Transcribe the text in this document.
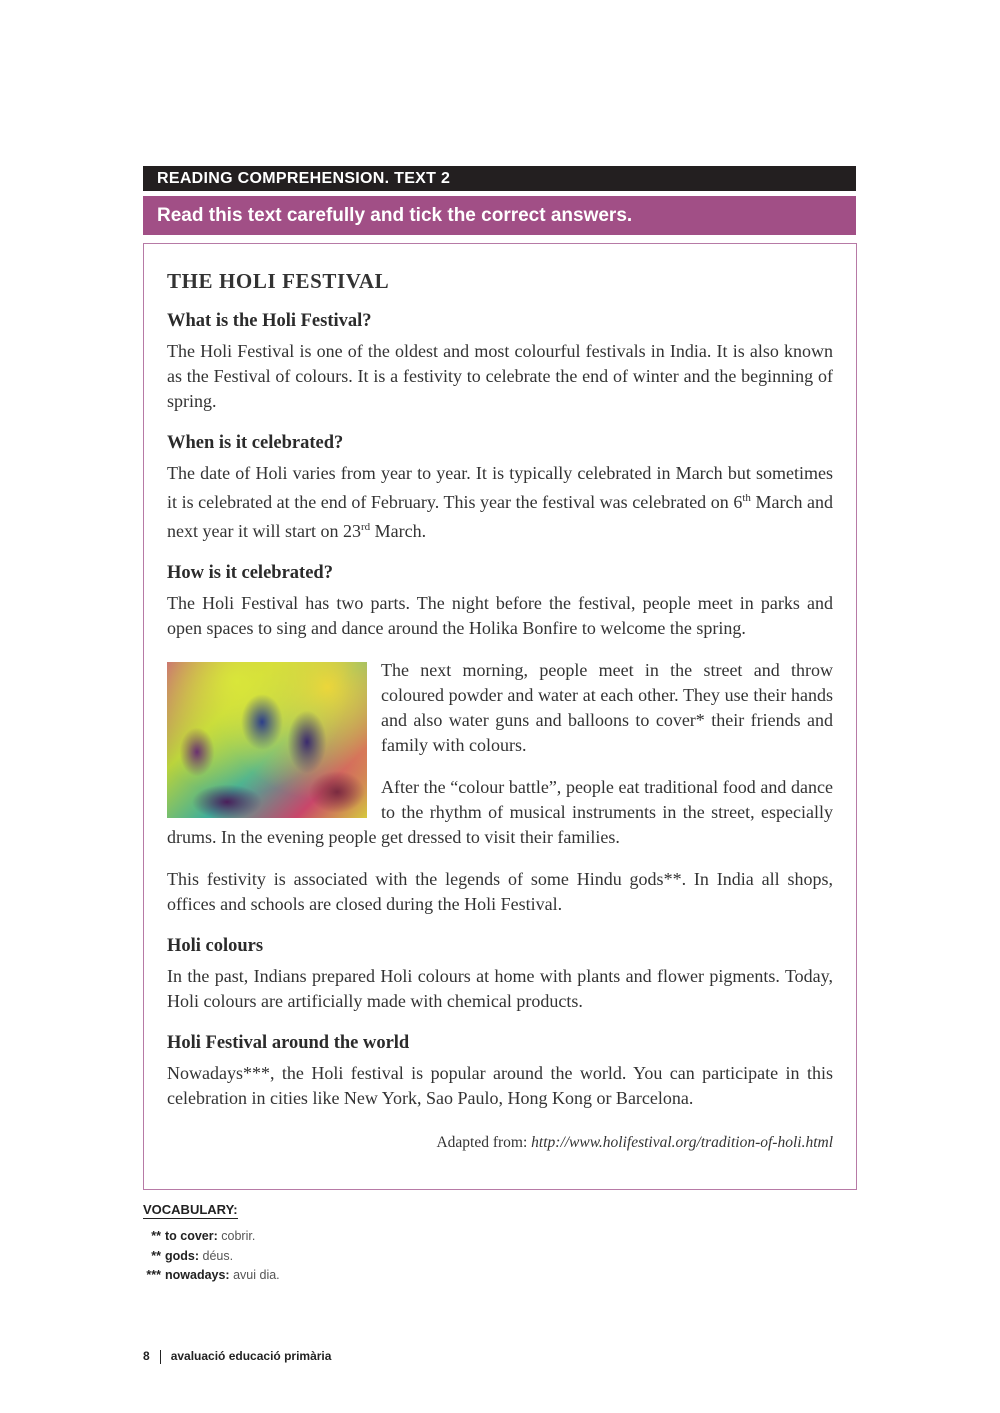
READING COMPREHENSION. TEXT 2
Read this text carefully and tick the correct answers.
THE HOLI FESTIVAL
What is the Holi Festival?

The Holi Festival is one of the oldest and most colourful festivals in India. It is also known as the Festival of colours. It is a festivity to celebrate the end of winter and the beginning of spring.

When is it celebrated?

The date of Holi varies from year to year. It is typically celebrated in March but sometimes it is celebrated at the end of February. This year the festival was celebrated on 6th March and next year it will start on 23rd March.

How is it celebrated?

The Holi Festival has two parts. The night before the festival, people meet in parks and open spaces to sing and dance around the Holika Bonfire to welcome the spring.

The next morning, people meet in the street and throw coloured powder and water at each other. They use their hands and also water guns and balloons to cover* their friends and family with colours.

After the “colour battle”, people eat traditional food and dance to the rhythm of musical instruments in the street, especially drums. In the evening people get dressed to visit their families.

This festivity is associated with the legends of some Hindu gods**. In India all shops, offices and schools are closed during the Holi Festival.

Holi colours

In the past, Indians prepared Holi colours at home with plants and flower pigments. Today, Holi colours are artificially made with chemical products.

Holi Festival around the world

Nowadays***, the Holi festival is popular around the world. You can participate in this celebration in cities like New York, Sao Paulo, Hong Kong or Barcelona.

Adapted from: http://www.holifestival.org/tradition-of-holi.html
VOCABULARY:
** to cover: cobrir.
** gods: déus.
*** nowadays: avui dia.
8 avaluació educació primària
